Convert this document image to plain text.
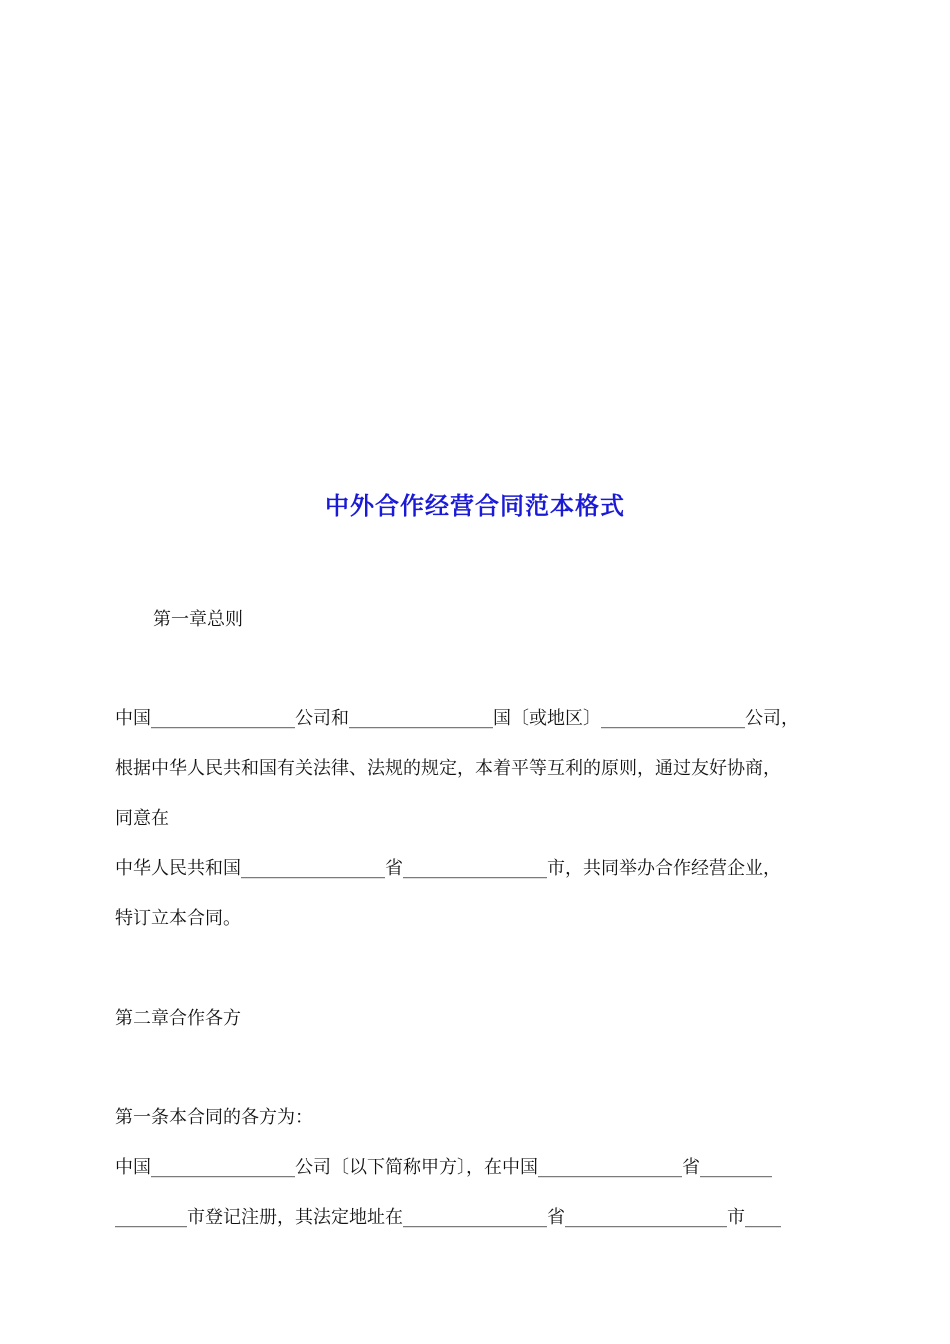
中外合作经营合同范本格式
第一章总则
中国________________公司和________________国〔或地区〕________________公司，
根据中华人民共和国有关法律、法规的规定，本着平等互利的原则，通过友好协商，
同意在
中华人民共和国________________省________________市，共同举办合作经营企业，
特订立本合同。
第二章合作各方
第一条本合同的各方为：
中国________________公司〔以下简称甲方〕，在中国________________省________
________市登记注册，其法定地址在________________省__________________市____
